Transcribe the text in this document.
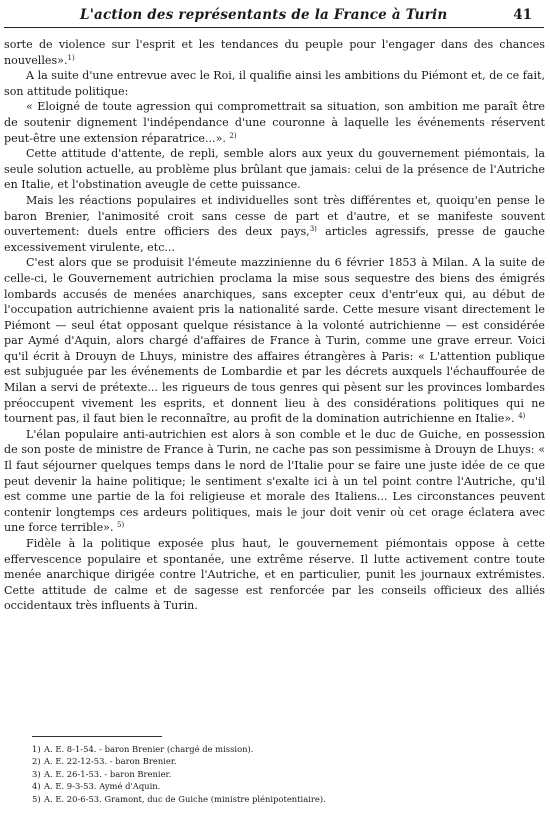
L'action des représentants de la France à Turin	41

sorte de violence sur l'esprit et les tendances du peuple pour l'engager dans des chances nouvelles».$^{1)}$

A la suite d'une entrevue avec le Roi, il qualifie ainsi les ambitions du Piémont et, de ce fait, son attitude politique:

« Eloigné de toute agression qui compromettrait sa situation, son ambition me paraît être de soutenir dignement l'indépendance d'une couronne à laquelle les événements réservent peut-être une extension réparatrice...». $^{2)}$

Cette attitude d'attente, de repli, semble alors aux yeux du gouvernement piémontais, la seule solution actuelle, au problème plus brûlant que jamais: celui de la présence de l'Autriche en Italie, et l'obstination aveugle de cette puissance.

Mais les réactions populaires et individuelles sont très différentes et, quoiqu'en pense le baron Brenier, l'animosité croit sans cesse de part et d'autre, et se manifeste souvent ouvertement: duels entre officiers des deux pays,$^{3)}$ articles agressifs, presse de gauche excessivement virulente, etc...

C'est alors que se produisit l'émeute mazzinienne du 6 février 1853 à Milan. A la suite de celle-ci, le Gouvernement autrichien proclama la mise sous sequestre des biens des émigrés lombards accusés de menées anarchiques, sans excepter ceux d'entr'eux qui, au début de l'occupation autrichienne avaient pris la nationalité sarde. Cette mesure visant directement le Piémont — seul état opposant quelque résistance à la volonté autrichienne — est considérée par Aymé d'Aquin, alors chargé d'affaires de France à Turin, comme une grave erreur. Voici qu'il écrit à Drouyn de Lhuys, ministre des affaires étrangères à Paris: « L'attention publique est subjuguée par les événements de Lombardie et par les décrets auxquels l'échauffourée de Milan a servi de prétexte... les rigueurs de tous genres qui pèsent sur les provinces lombardes préoccupent vivement les esprits, et donnent lieu à des considérations politiques qui ne tournent pas, il faut bien le reconnaître, au profit de la domination autrichienne en Italie». $^{4)}$

L'élan populaire anti-autrichien est alors à son comble et le duc de Guiche, en possession de son poste de ministre de France à Turin, ne cache pas son pessimisme à Drouyn de Lhuys: « Il faut séjourner quelques temps dans le nord de l'Italie pour se faire une juste idée de ce que peut devenir la haine politique; le sentiment s'exalte ici à un tel point contre l'Autriche, qu'il est comme une partie de la foi religieuse et morale des Italiens... Les circonstances peuvent contenir longtemps ces ardeurs politiques, mais le jour doit venir où cet orage éclatera avec une force terrible». $^{5)}$

Fidèle à la politique exposée plus haut, le gouvernement piémontais oppose à cette effervescence populaire et spontanée, une extrême réserve. Il lutte activement contre toute menée anarchique dirigée contre l'Autriche, et en particulier, punit les journaux extrémistes. Cette attitude de calme et de sagesse est renforcée par les conseils officieux des alliés occidentaux très influents à Turin.

1) A. E. 8-1-54. - baron Brenier (chargé de mission).
2) A. E. 22-12-53. - baron Brenier.
3) A. E. 26-1-53. - baron Brenier.
4) A. E. 9-3-53. Aymé d'Aquin.
5) A. E. 20-6-53. Gramont, duc de Guiche (ministre plénipotentiaire).
